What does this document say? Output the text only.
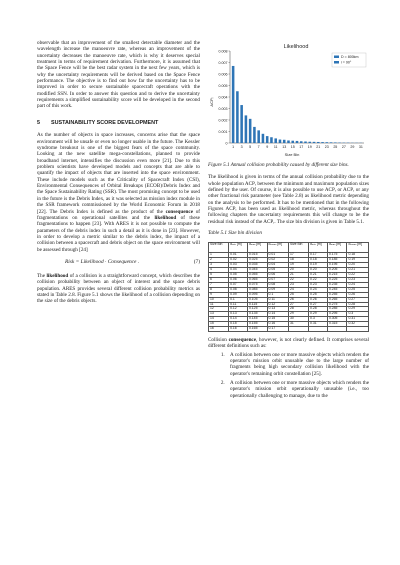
observable that an improvement of the smallest detectable diameter and the wavelength increase the manoeuvre rate, whereas an improvement of the uncertainty decreases the manoeuvre rate, which is why it deserves special treatment in terms of requirement derivation. Furthermore, it is assumed that the Space Fence will be the best radar system in the next few years, which is why the uncertainty requirements will be derived based on the Space Fence performance. The objective is to find out how far the uncertainty has to be improved in order to secure sustainable spacecraft operations with the modified SSN. In order to answer this question and to derive the uncertainty requirements a simplified sustainability score will be developed in the second part of this work.

5	SUSTAINABILITY SCORE DEVELOPMENT

As the number of objects in space increases, concerns arise that the space environment will be unsafe or even no longer usable in the future. The Kessler syndrome breakout is one of the biggest fears of the space community. Looking at the new satellite mega-constellations, planned to provide broadband internet, intensifies the discussion even more [21]. Due to this problem scientists have developed models and concepts that are able to quantify the impact of objects that are inserted into the space environment. These include models such as the Criticality of Spacecraft Index (CSI), Environmental Consequences of Orbital Breakups (ECOB)/Debris Index and the Space Sustainability Rating (SSR). The most promising concept to be used in the future is the Debris Index, as it was selected as mission index module in the SSR framework commissioned by the World Economic Forum in 2018 [22]. The Debris Index is defined as the product of the consequence of fragmentations on operational satellites and the likelihood of these fragmentations to happen [23]. With ARES it is not possible to compute the parameters of the debris index in such a detail as it is done in [23]. However, in order to develop a metric similar to the debris index, the impact of a collision between a spacecraft and debris object on the space environment will be assessed through [24]

Risk = Likelihood · Consequence .	(7)

The likelihood of a collision is a straightforward concept, which describes the collision probability between an object of interest and the space debris population. ARES provides several different collision probability metrics as stated in Table 2.8. Figure 5.1 shows the likelihood of a collision depending on the size of the debris objects.

Likelihood
0
0.001
0.002
0.003
0.004
0.005
0.006
0.007
0.008
1 3 5 7 9 11 13 15 17 19 21 23 25 27 29 31
D = 800km
i = 90°
Size Bin
ACPᵣ

Figure 5.1 Annual collision probability caused by different size bins.

The likelihood is given in terms of the annual collision probability due to the whole population ACPᵣ between the minimum and maximum population sizes defined by the user. Of course, it is also possible to use ACPᵣ or ACPᵣ or any other fractional risk parameter (see Table 2.8) as likelihood metric depending on the analysis to be performed. It has to be mentioned that in the following Figures ACPᵣ has been used as likelihood metric, whereas throughout the following chapters the uncertainty requirements this will change to be the residual risk instead of the ACPᵣ. The size bin division is given in Table 5.1.

Table 5.1 Size bin division

Size Bin	dₘᵢₙ [m]	dₘₐₓ [m]	dₘₑₐₙ [m]	Size Bin	dₘᵢₙ [m]	dₘₐₓ [m]	dₘₑₐₙ [m]
1	0.01	0.015	0.01	17	0.17	0.175	0.18
2	0.02	0.025	0.02	18	0.18	0.185	0.19
3	0.03	0.035	0.04	19	0.19	0.195	0.20
4	0.04	0.045	0.05	20	0.20	0.205	0.21
5	0.05	0.055	0.06	21	0.21	0.215	0.22
6	0.06	0.065	0.07	22	0.22	0.225	0.23
7	0.07	0.075	0.08	23	0.23	0.235	0.24
8	0.08	0.085	0.09	24	0.24	0.245	0.25
9	0.09	0.095	0.1	25	0.25	0.255	0.26
10	0.1	0.105	0.11	26	0.26	0.265	0.27
11	0.11	0.115	0.12	27	0.27	0.275	0.28
12	0.12	0.125	0.13	28	0.28	0.285	0.29
13	0.13	0.135	0.14	29	0.29	0.295	0.3
14	0.14	0.145	0.15	30	0.3	0.305	0.31
15	0.15	0.155	0.16	31	0.31	0.315	0.32
16	0.16	0.165	0.17				

Collision consequence, however, is not clearly defined. It comprises several different definitions such as:

1. A collision between one or more massive objects which renders the operator's mission orbit unusable due to the large number of fragments being high secondary collision likelihood with the operator's remaining orbit constellation [25].
2. A collision between one or more massive objects which renders the operator's mission orbit operationally unusable (i.e., too operationally challenging to manage, due to the
